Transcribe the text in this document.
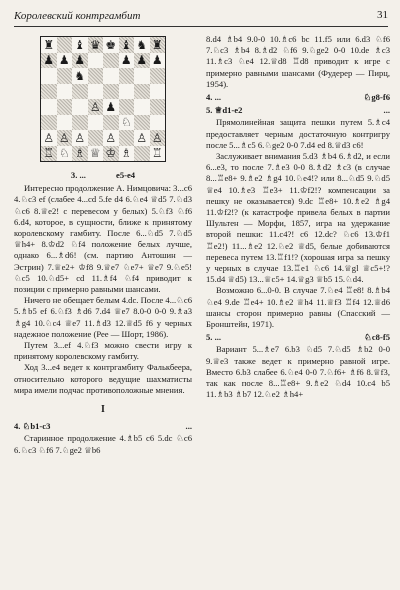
Королевский контргамбит	31
♜ ♝ ♛ ♚ ♝ ♞ ♜
♟ ♟ ♟	♟ ♟ ♟
♞
♙ ♟
♘
♙ ♙ ♙ ♙ ♙ ♙
♖ ♘ ♗ ♕ ♔ ♗ ♖
3. ...	e5-e4

Интересно продолжение А. Нимцовича: 3...c6 4.♘c3 ef (слабее 4...cd 5.fe d4 6.♘e4 ♕d5 7.♘d3 ♘c6 8.♕e2! с перевесом у белых) 5.♘f3 ♘f6 6.d4, которое, в сущности, ближе к принятому королевскому гамбиту. После 6...♘d5 7.♘d5 ♕h4+ 8.♔d2 ♘f4 положение белых лучше, однако 6...♗d6! (см. партию Антошин — Эстрин) 7.♕e2+ ♔f8 9.♕e7 ♘e7+ ♕e7 9.♘e5! ♘c5 10.♘d5+ cd 11.♗f4 ♘f4 приводит к позиции с примерно равными шансами.

Ничего не обещает белым 4.dc. После 4...♘c6 5.♗b5 ef 6.♘f3 ♗d6 7.d4 ♕e7 8.0-0 0-0 9.♗a3 ♗g4 10.♘c4 ♕e7 11.♗d3 12.♕d5 f6 у черных надежное положение (Рее — Шорт, 1986).

Путем 3...ef 4.♘f3 можно свести игру к принятому королевскому гамбиту.

Ход 3...e4 ведет к контргамбиту Фалькбеера, относительно которого ведущие шахматисты мира имели подчас противоположные мнения.

I
4. ♘b1-c3	...

Старинное продолжение 4.♗b5 c6 5.dc ♘c6 6.♘c3 ♘f6 7.♘ge2 ♕b6

8.d4 ♗b4 9.0-0 10.♗c6 bc 11.f5 или 6.d3 ♘f6 7.♘c3 ♗b4 8.♗d2 ♘f6 9.♘ge2 0-0 10.de ♗c3 11.♗c3 ♘e4 12.♕d8 ♖d8 приводит к игре с примерно равными шансами (Фудерер — Пирц, 1954).

4. ...	♘g8-f6
5. ♕d1-e2	...

Прямолинейная защита пешки путем 5.♗c4 предоставляет черным достаточную контригру после 5...♗c5 6.♘ge2 0-0 7.d4 ed 8.♕d3 c6!

Заслуживает внимания 5.d3 ♗b4 6.♗d2, и если 6...e3, то после 7.♗e3 0-0 8.♗d2 ♗c3 (в случае 8...♖e8+ 9.♗e2 ♗g4 10.♘e4!? или 8...♘d5 9.♘d5 ♕e4 10.♗e3 ♖e3+ 11.♔f2!? компенсации за пешку не оказывается) 9.dc ♖e8+ 10.♗e2 ♗g4 11.♔f2!? (к катастрофе привела белых в партии Шультен — Морфи, 1857, игра на удержание второй пешки: 11.c4?! c6 12.dc? ♘c6 13.♔f1 ♖e2!) 11...♗e2 12.♘e2 ♕d5, белые добиваются перевеса путем 13.♖f1!? (хорошая игра за пешку у черных в случае 13.♖e1 ♘c6 14.♕gl ♕c5+!? 15.d4 ♕d5) 13...♕c5+ 14.♕g3 ♕b5 15.♘d4.

Возможно 6...0-0. В случае 7.♘e4 ♖e8! 8.♗b4 ♘e4 9.de ♖e4+ 10.♗e2 ♕h4 11.♕f3 ♖f4 12.♕d6 шансы сторон примерно равны (Спасский — Бронштейн, 1971).

5. ...	♘c8-f5

Вариант 5...♗e7 6.b3 ♘d5 7.♘d5 ♗b2 0-0 9.♕e3 также ведет к примерно равной игре. Вместо 6.b3 слабее 6.♘e4 0-0 7.♘f6+ ♗f6 8.♕f3, так как после 8...♖e8+ 9.♗e2 ♘d4 10.c4 b5 11.♗b3 ♗b7 12.♘e2 ♗h4+
